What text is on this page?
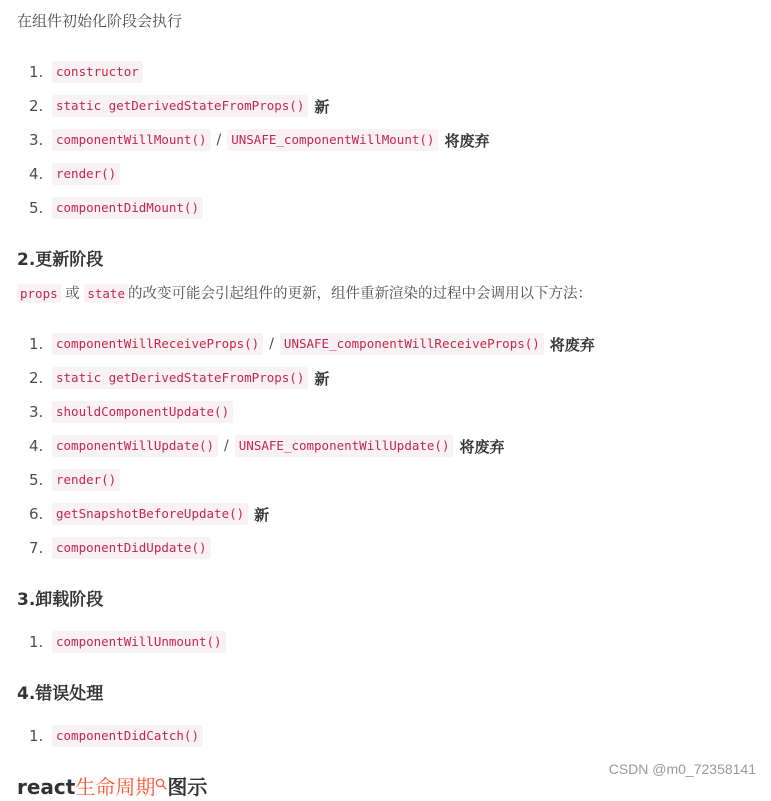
在组件初始化阶段会执行
1.	constructor
2.	static getDerivedStateFromProps() 新
3.	componentWillMount() / UNSAFE_componentWillMount() 将废弃
4.	render()
5.	componentDidMount()
2.更新阶段
props 或 state 的改变可能会引起组件的更新，组件重新渲染的过程中会调用以下方法：
1.	componentWillReceiveProps() / UNSAFE_componentWillReceiveProps() 将废弃
2.	static getDerivedStateFromProps() 新
3.	shouldComponentUpdate()
4.	componentWillUpdate() / UNSAFE_componentWillUpdate() 将废弃
5.	render()
6.	getSnapshotBeforeUpdate() 新
7.	componentDidUpdate()
3.卸载阶段
1.	componentWillUnmount()
4.错误处理
1.	componentDidCatch()
react生命周期 图示
CSDN @m0_72358141
